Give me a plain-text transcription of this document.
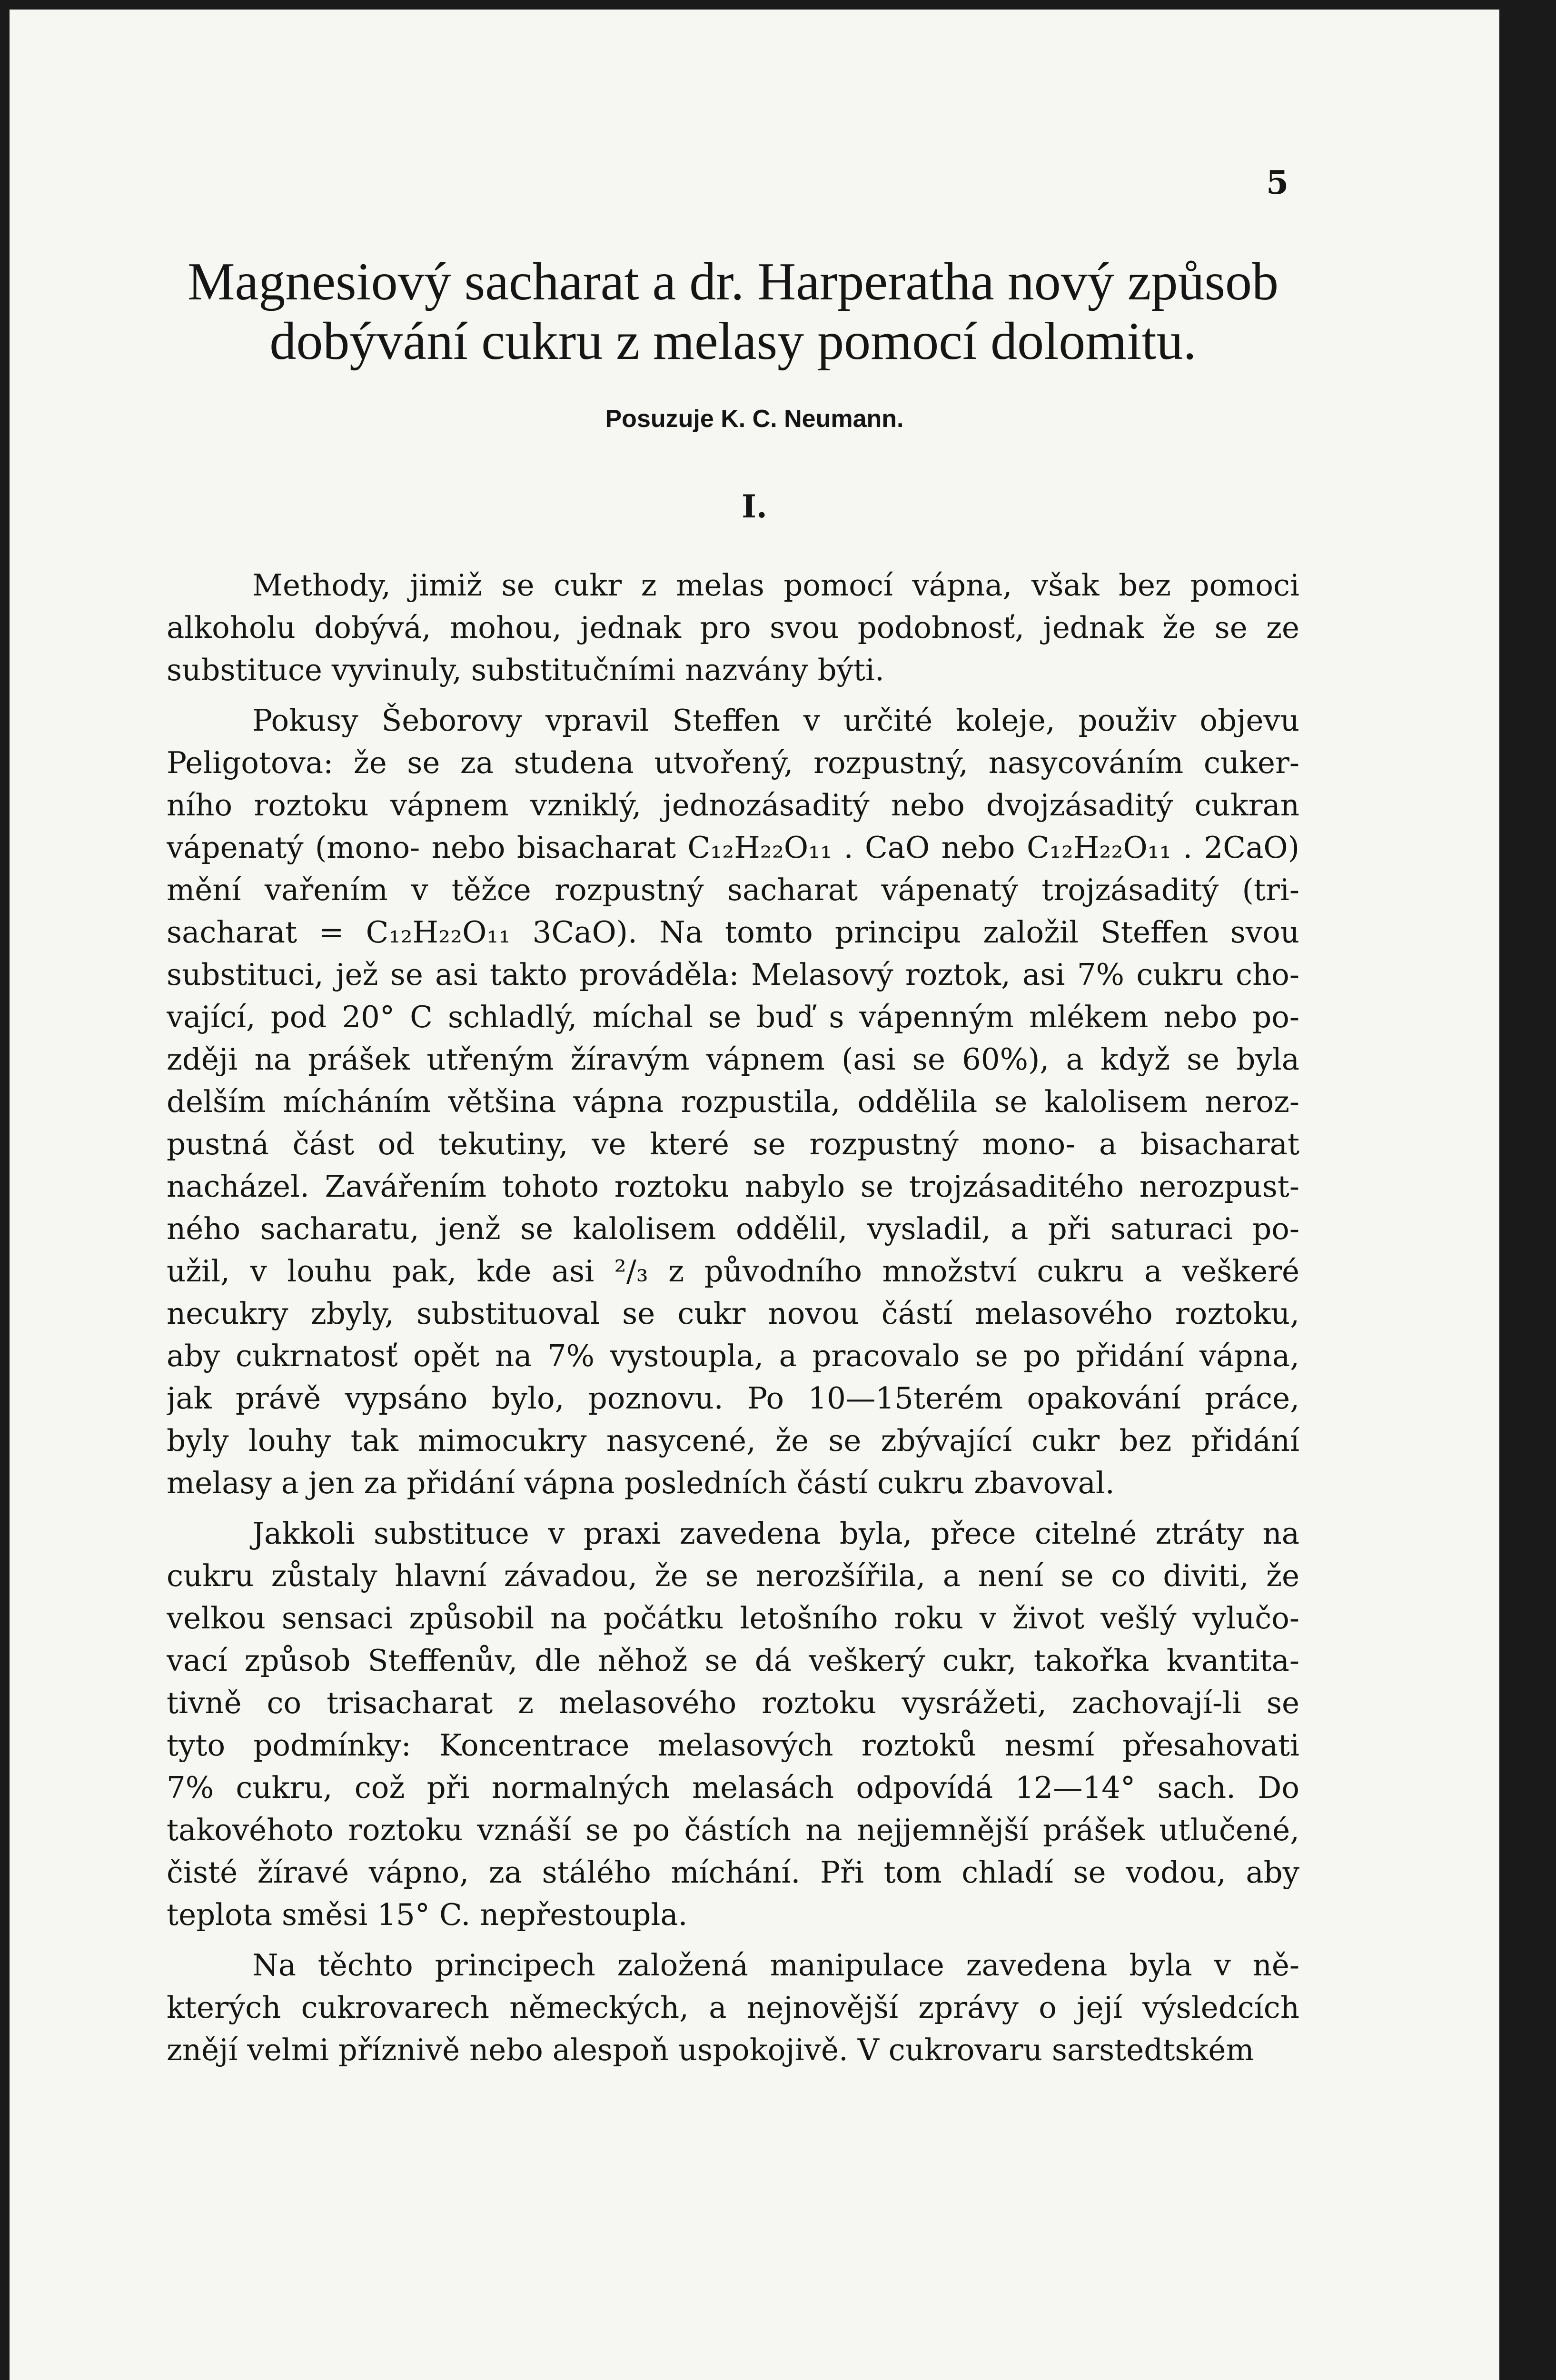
5
Magnesiový sacharat a dr. Harperatha nový způsob
dobývání cukru z melasy pomocí dolomitu.
Posuzuje K. C. Neumann.
I.
Methody, jimiž se cukr z melas pomocí vápna, však bez pomoci
alkoholu dobývá, mohou, jednak pro svou podobnosť, jednak že se ze
substituce vyvinuly, substitučními nazvány býti.
Pokusy Šeborovy vpravil Steffen v určité koleje, použiv objevu
Peligotova: že se za studena utvořený, rozpustný, nasycováním cuker-
ního roztoku vápnem vzniklý, jednozásaditý nebo dvojzásaditý cukran
vápenatý (mono- nebo bisacharat C₁₂H₂₂O₁₁ . CaO nebo C₁₂H₂₂O₁₁ . 2CaO)
mění vařením v těžce rozpustný sacharat vápenatý trojzásaditý (tri-
sacharat = C₁₂H₂₂O₁₁ 3CaO). Na tomto principu založil Steffen svou
substituci, jež se asi takto prováděla: Melasový roztok, asi 7% cukru cho-
vající, pod 20° C schladlý, míchal se buď s vápenným mlékem nebo po-
zději na prášek utřeným žíravým vápnem (asi se 60%), a když se byla
delším mícháním většina vápna rozpustila, oddělila se kalolisem neroz-
pustná část od tekutiny, ve které se rozpustný mono- a bisacharat
nacházel. Zavářením tohoto roztoku nabylo se trojzásaditého nerozpust-
ného sacharatu, jenž se kalolisem oddělil, vysladil, a při saturaci po-
užil, v louhu pak, kde asi ²/₃ z původního množství cukru a veškeré
necukry zbyly, substituoval se cukr novou částí melasového roztoku,
aby cukrnatosť opět na 7% vystoupla, a pracovalo se po přidání vápna,
jak právě vypsáno bylo, poznovu. Po 10—15terém opakování práce,
byly louhy tak mimocukry nasycené, že se zbývající cukr bez přidání
melasy a jen za přidání vápna posledních částí cukru zbavoval.
Jakkoli substituce v praxi zavedena byla, přece citelné ztráty na
cukru zůstaly hlavní závadou, že se nerozšířila, a není se co diviti, že
velkou sensaci způsobil na počátku letošního roku v život vešlý vylučo-
vací způsob Steffenův, dle něhož se dá veškerý cukr, takořka kvantita-
tivně co trisacharat z melasového roztoku vysrážeti, zachovají-li se
tyto podmínky: Koncentrace melasových roztoků nesmí přesahovati
7% cukru, což při normalných melasách odpovídá 12—14° sach. Do
takovéhoto roztoku vznáší se po částích na nejjemnější prášek utlučené,
čisté žíravé vápno, za stálého míchání. Při tom chladí se vodou, aby
teplota směsi 15° C. nepřestoupla.
Na těchto principech založená manipulace zavedena byla v ně-
kterých cukrovarech německých, a nejnovější zprávy o její výsledcích
znějí velmi příznivě nebo alespoň uspokojivě. V cukrovaru sarstedtském
